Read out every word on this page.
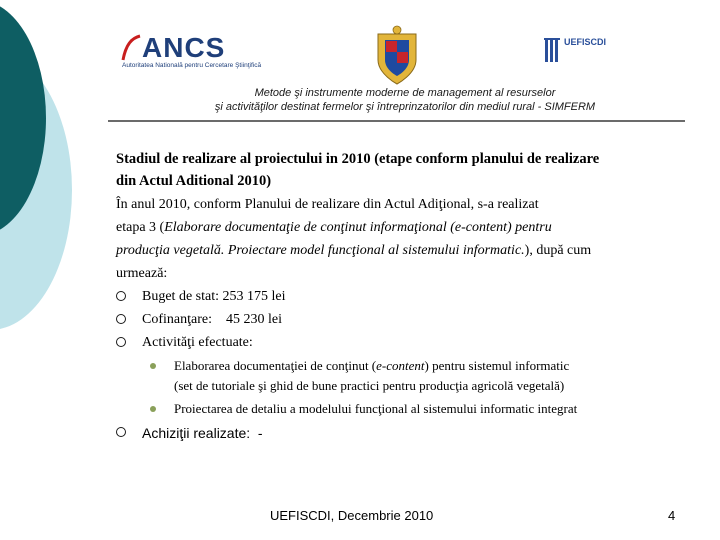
ANCS
Autoritatea Natională pentru Cercetare Ştiinţifică
UEFISCDI
Metode şi instrumente moderne de management al resurselor
şi activităţilor destinat fermelor şi întreprinzatorilor din mediul rural - SIMFERM
Stadiul de realizare al proiectului in 2010 (etape conform planului de realizare
din Actul Aditional 2010)
În anul 2010, conform Planului de realizare din Actul Adiţional, s-a realizat
etapa 3 (Elaborare documentaţie de conţinut informaţional (e-content) pentru
producţia vegetală. Proiectare model funcţional al sistemului informatic.), după cum
urmează:
Buget de stat: 253 175 lei
Cofinanţare:    45 230 lei
Activităţi efectuate:
Elaborarea documentaţiei de conţinut (e-content) pentru sistemul informatic
(set de tutoriale şi ghid de bune practici pentru producţia agricolă vegetală)
Proiectarea de detaliu a modelului funcţional al sistemului informatic integrat
Achiziţii realizate:  -
UEFISCDI, Decembrie 2010	4
